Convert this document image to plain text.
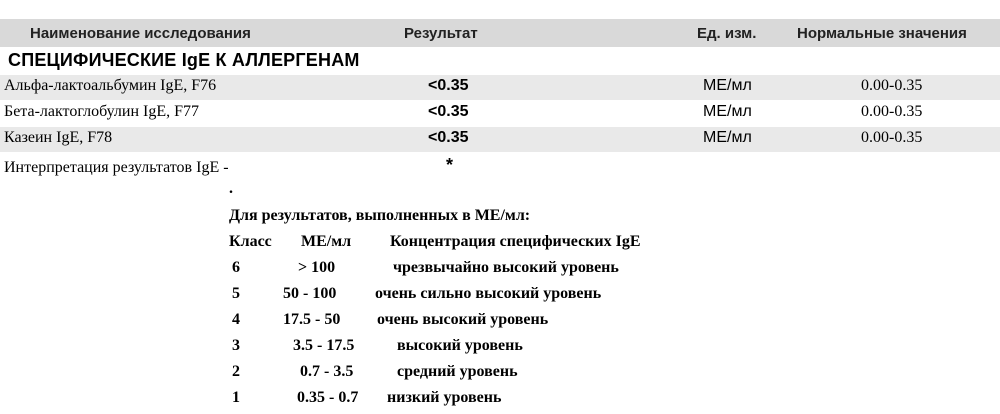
Наименование исследования	Результат	Ед. изм.	Нормальные значения
СПЕЦИФИЧЕСКИЕ IgE К АЛЛЕРГЕНАМ
Альфа-лактоальбумин IgE, F76	<0.35	МЕ/мл	0.00-0.35
Бета-лактоглобулин IgE, F77	<0.35	МЕ/мл	0.00-0.35
Казеин IgE, F78	<0.35	МЕ/мл	0.00-0.35
Интерпретация результатов IgE -	*
.
Для результатов, выполненных в МЕ/мл:
Класс МЕ/мл Концентрация специфических IgE
6	> 100	чрезвычайно высокий уровень
5	50 - 100 очень сильно высокий уровень
4	17.5 - 50 очень высокий уровень
3	3.5 - 17.5	высокий уровень
2	0.7 - 3.5	средний уровень
1	0.35 - 0.7 низкий уровень
